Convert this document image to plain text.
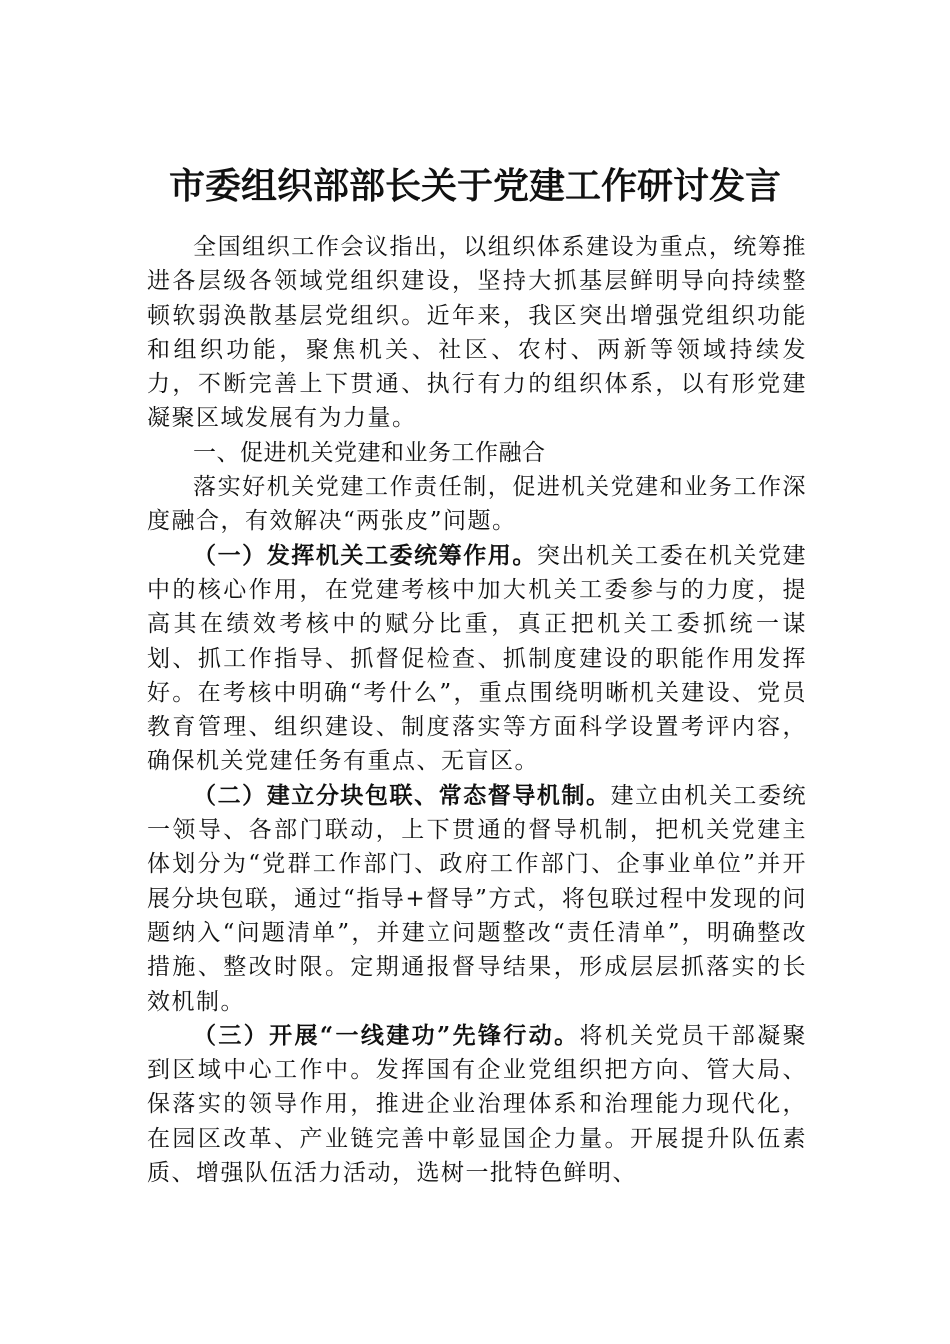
市委组织部部长关于党建工作研讨发言

全国组织工作会议指出，以组织体系建设为重点，统筹推进各层级各领域党组织建设，坚持大抓基层鲜明导向持续整顿软弱涣散基层党组织。近年来，我区突出增强党组织功能和组织功能，聚焦机关、社区、农村、两新等领域持续发力，不断完善上下贯通、执行有力的组织体系，以有形党建凝聚区域发展有为力量。

一、促进机关党建和业务工作融合

落实好机关党建工作责任制，促进机关党建和业务工作深度融合，有效解决“两张皮”问题。

（一）发挥机关工委统筹作用。突出机关工委在机关党建中的核心作用，在党建考核中加大机关工委参与的力度，提高其在绩效考核中的赋分比重，真正把机关工委抓统一谋划、抓工作指导、抓督促检查、抓制度建设的职能作用发挥好。在考核中明确“考什么”，重点围绕明晰机关建设、党员教育管理、组织建设、制度落实等方面科学设置考评内容，确保机关党建任务有重点、无盲区。

（二）建立分块包联、常态督导机制。建立由机关工委统一领导、各部门联动，上下贯通的督导机制，把机关党建主体划分为“党群工作部门、政府工作部门、企事业单位”并开展分块包联，通过“指导+督导”方式，将包联过程中发现的问题纳入“问题清单”，并建立问题整改“责任清单”，明确整改措施、整改时限。定期通报督导结果，形成层层抓落实的长效机制。

（三）开展“一线建功”先锋行动。将机关党员干部凝聚到区域中心工作中。发挥国有企业党组织把方向、管大局、保落实的领导作用，推进企业治理体系和治理能力现代化，在园区改革、产业链完善中彰显国企力量。开展提升队伍素质、增强队伍活力活动，选树一批特色鲜明、
